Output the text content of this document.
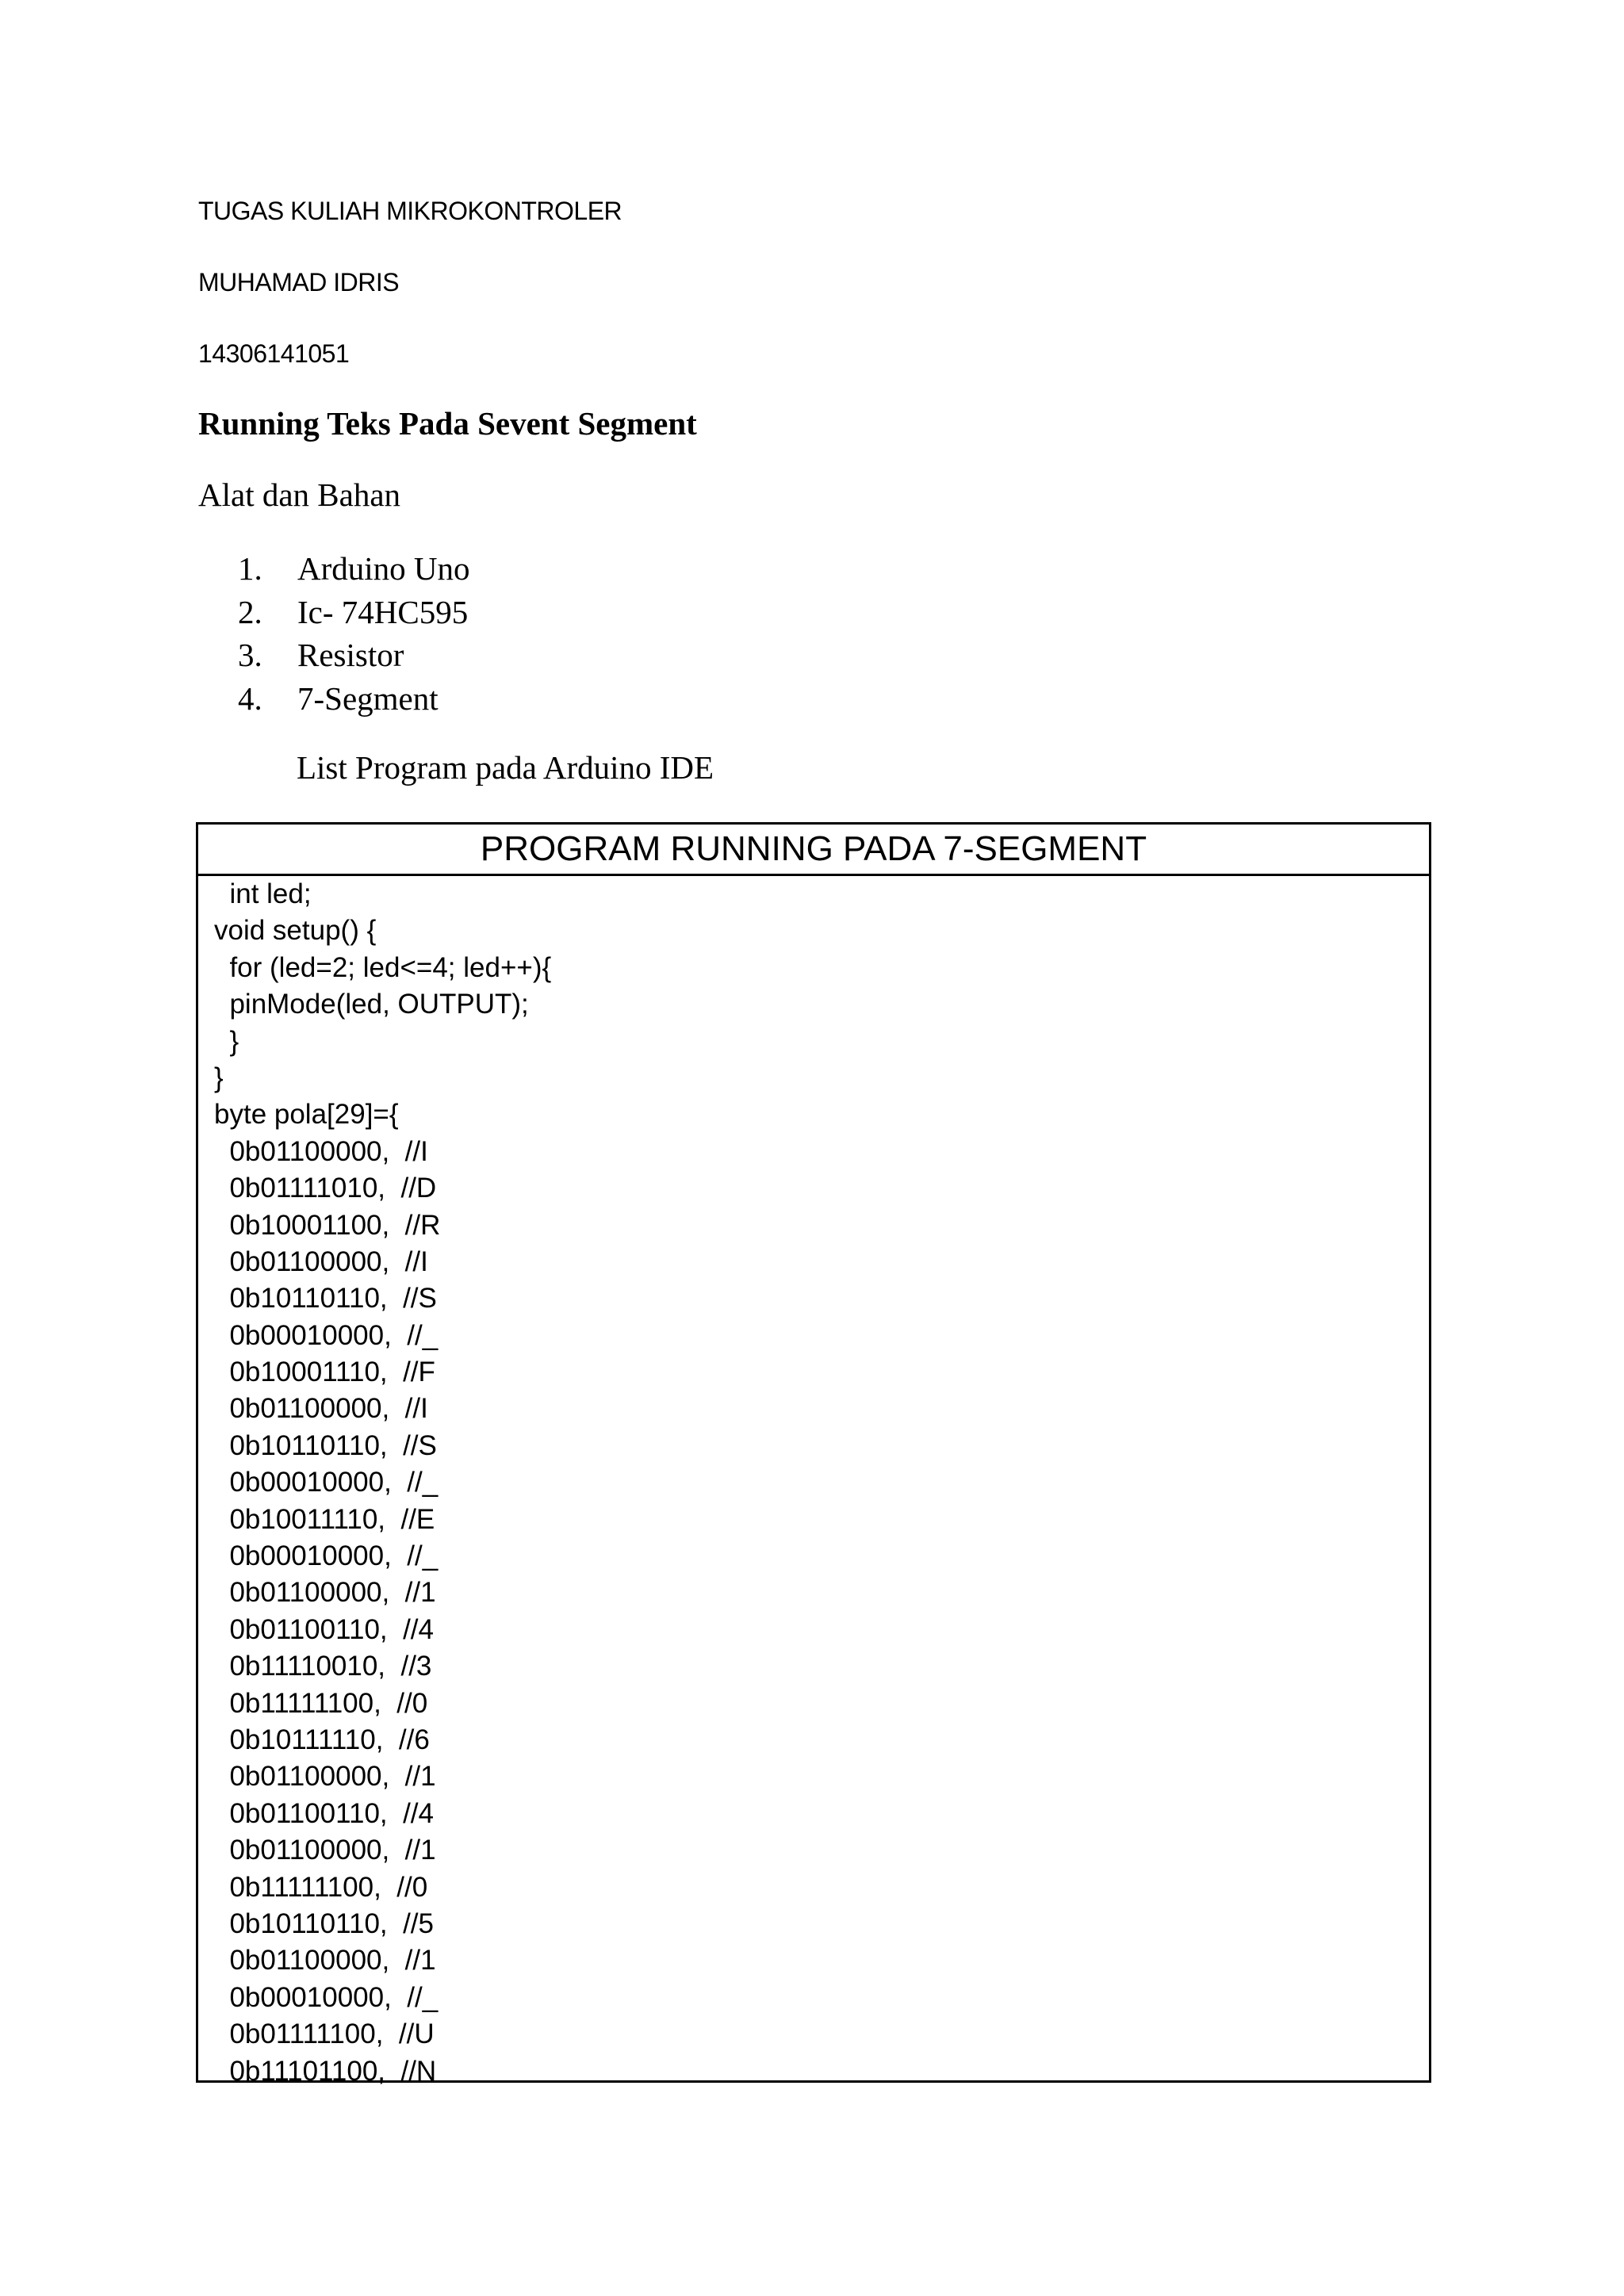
TUGAS KULIAH MIKROKONTROLER
MUHAMAD IDRIS
14306141051
Running Teks Pada Sevent Segment
Alat dan Bahan
1. Arduino Uno
2. Ic- 74HC595
3. Resistor
4. 7-Segment
List Program pada Arduino IDE
PROGRAM RUNNING PADA 7-SEGMENT
int led;
void setup() {
for (led=2; led<=4; led++){
pinMode(led, OUTPUT);
}
}
byte pola[29]={
0b01100000,  //I
0b01111010,  //D
0b10001100,  //R
0b01100000,  //I
0b10110110,  //S
0b00010000,  //_
0b10001110,  //F
0b01100000,  //I
0b10110110,  //S
0b00010000,  //_
0b10011110,  //E
0b00010000,  //_
0b01100000,  //1
0b01100110,  //4
0b11110010,  //3
0b11111100,  //0
0b10111110,  //6
0b01100000,  //1
0b01100110,  //4
0b01100000,  //1
0b11111100,  //0
0b10110110,  //5
0b01100000,  //1
0b00010000,  //_
0b01111100,  //U
0b11101100,  //N
